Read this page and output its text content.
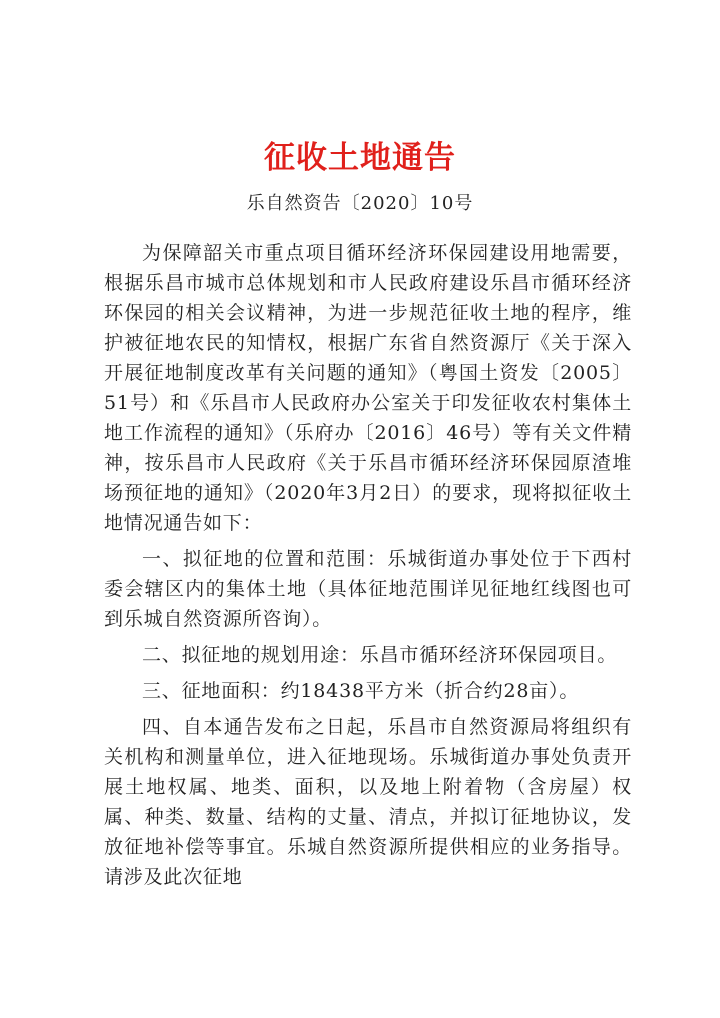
征收土地通告
乐自然资告〔2020〕10号

为保障韶关市重点项目循环经济环保园建设用地需要，根据乐昌市城市总体规划和市人民政府建设乐昌市循环经济环保园的相关会议精神，为进一步规范征收土地的程序，维护被征地农民的知情权，根据广东省自然资源厅《关于深入开展征地制度改革有关问题的通知》（粤国土资发〔2005〕51号）和《乐昌市人民政府办公室关于印发征收农村集体土地工作流程的通知》（乐府办〔2016〕46号）等有关文件精神，按乐昌市人民政府《关于乐昌市循环经济环保园原渣堆场预征地的通知》（2020年3月2日）的要求，现将拟征收土地情况通告如下：

一、拟征地的位置和范围：乐城街道办事处位于下西村委会辖区内的集体土地（具体征地范围详见征地红线图也可到乐城自然资源所咨询）。

二、拟征地的规划用途：乐昌市循环经济环保园项目。

三、征地面积：约18438平方米（折合约28亩）。

四、自本通告发布之日起，乐昌市自然资源局将组织有关机构和测量单位，进入征地现场。乐城街道办事处负责开展土地权属、地类、面积，以及地上附着物（含房屋）权属、种类、数量、结构的丈量、清点，并拟订征地协议，发放征地补偿等事宜。乐城自然资源所提供相应的业务指导。请涉及此次征地
